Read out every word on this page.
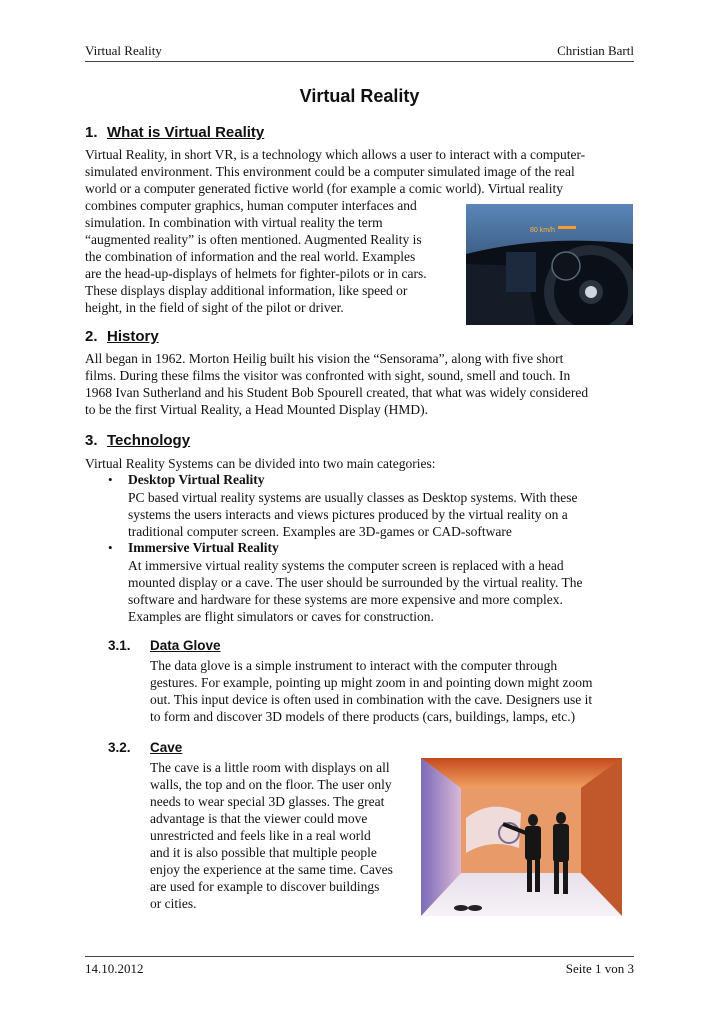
Virtual Reality	Christian Bartl
Virtual Reality
1. What is Virtual Reality
Virtual Reality, in short VR, is a technology which allows a user to interact with a computer-
simulated environment. This environment could be a computer simulated image of the real
world or a computer generated fictive world (for example a comic world). Virtual reality
combines computer graphics, human computer interfaces and
simulation. In combination with virtual reality the term
“augmented reality” is often mentioned. Augmented Reality is
the combination of information and the real world. Examples
are the head-up-displays of helmets for fighter-pilots or in cars.
These displays display additional information, like speed or
height, in the field of sight of the pilot or driver.
80 km/h
2. History
All began in 1962. Morton Heilig built his vision the “Sensorama”, along with five short
films. During these films the visitor was confronted with sight, sound, smell and touch. In
1968 Ivan Sutherland and his Student Bob Spourell created, that what was widely considered
to be the first Virtual Reality, a Head Mounted Display (HMD).
3. Technology
Virtual Reality Systems can be divided into two main categories:
• Desktop Virtual Reality
PC based virtual reality systems are usually classes as Desktop systems. With these
systems the users interacts and views pictures produced by the virtual reality on a
traditional computer screen. Examples are 3D-games or CAD-software
• Immersive Virtual Reality
At immersive virtual reality systems the computer screen is replaced with a head
mounted display or a cave. The user should be surrounded by the virtual reality. The
software and hardware for these systems are more expensive and more complex.
Examples are flight simulators or caves for construction.
3.1. Data Glove
The data glove is a simple instrument to interact with the computer through
gestures. For example, pointing up might zoom in and pointing down might zoom
out. This input device is often used in combination with the cave. Designers use it
to form and discover 3D models of there products (cars, buildings, lamps, etc.)
3.2. Cave
The cave is a little room with displays on all
walls, the top and on the floor. The user only
needs to wear special 3D glasses. The great
advantage is that the viewer could move
unrestricted and feels like in a real world
and it is also possible that multiple people
enjoy the experience at the same time. Caves
are used for example to discover buildings
or cities.
14.10.2012	Seite 1 von 3
